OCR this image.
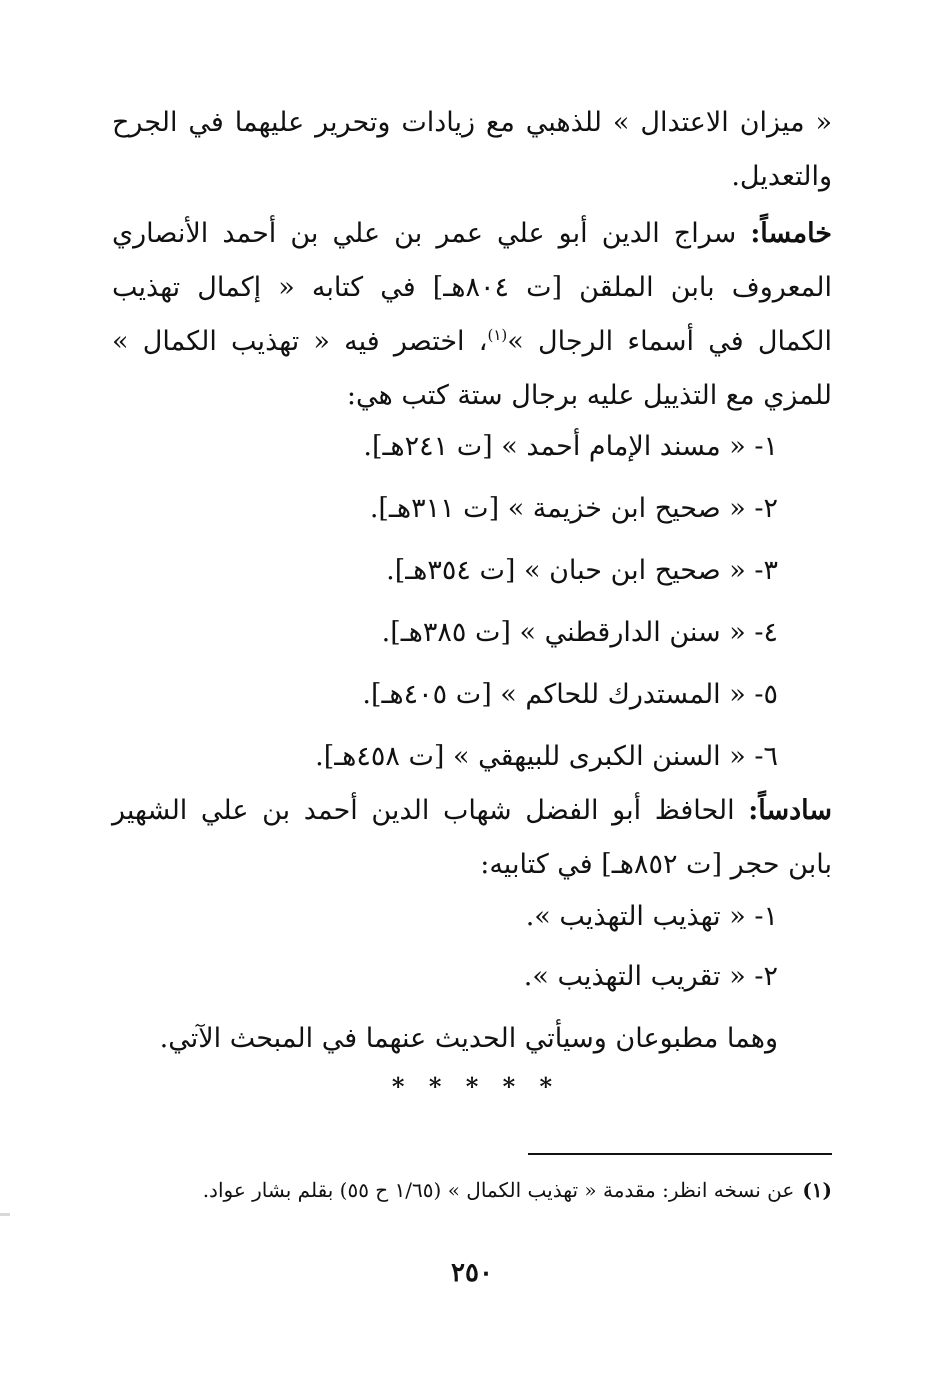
« ميزان الاعتدال » للذهبي مع زيادات وتحرير عليهما في الجرح والتعديل.

خامساً: سراج الدين أبو علي عمر بن علي بن أحمد الأنصاري المعروف بابن الملقن [ت ٨٠٤هـ] في كتابه « إكمال تهذيب الكمال في أسماء الرجال »$^{(١)}$، اختصر فيه « تهذيب الكمال » للمزي مع التذييل عليه برجال ستة كتب هي:

١- « مسند الإمام أحمد » [ت ٢٤١هـ].
٢- « صحيح ابن خزيمة » [ت ٣١١هـ].
٣- « صحيح ابن حبان » [ت ٣٥٤هـ].
٤- « سنن الدارقطني » [ت ٣٨٥هـ].
٥- « المستدرك للحاكم » [ت ٤٠٥هـ].
٦- « السنن الكبرى للبيهقي » [ت ٤٥٨هـ].

سادساً: الحافظ أبو الفضل شهاب الدين أحمد بن علي الشهير بابن حجر [ت ٨٥٢هـ] في كتابيه:

١- « تهذيب التهذيب ».
٢- « تقريب التهذيب ».
وهما مطبوعان وسيأتي الحديث عنهما في المبحث الآتي.
* * * * *

(١)عن نسخه انظر: مقدمة « تهذيب الكمال » (١/٦٥ ح ٥٥) بقلم بشار عواد.

٢٥٠
